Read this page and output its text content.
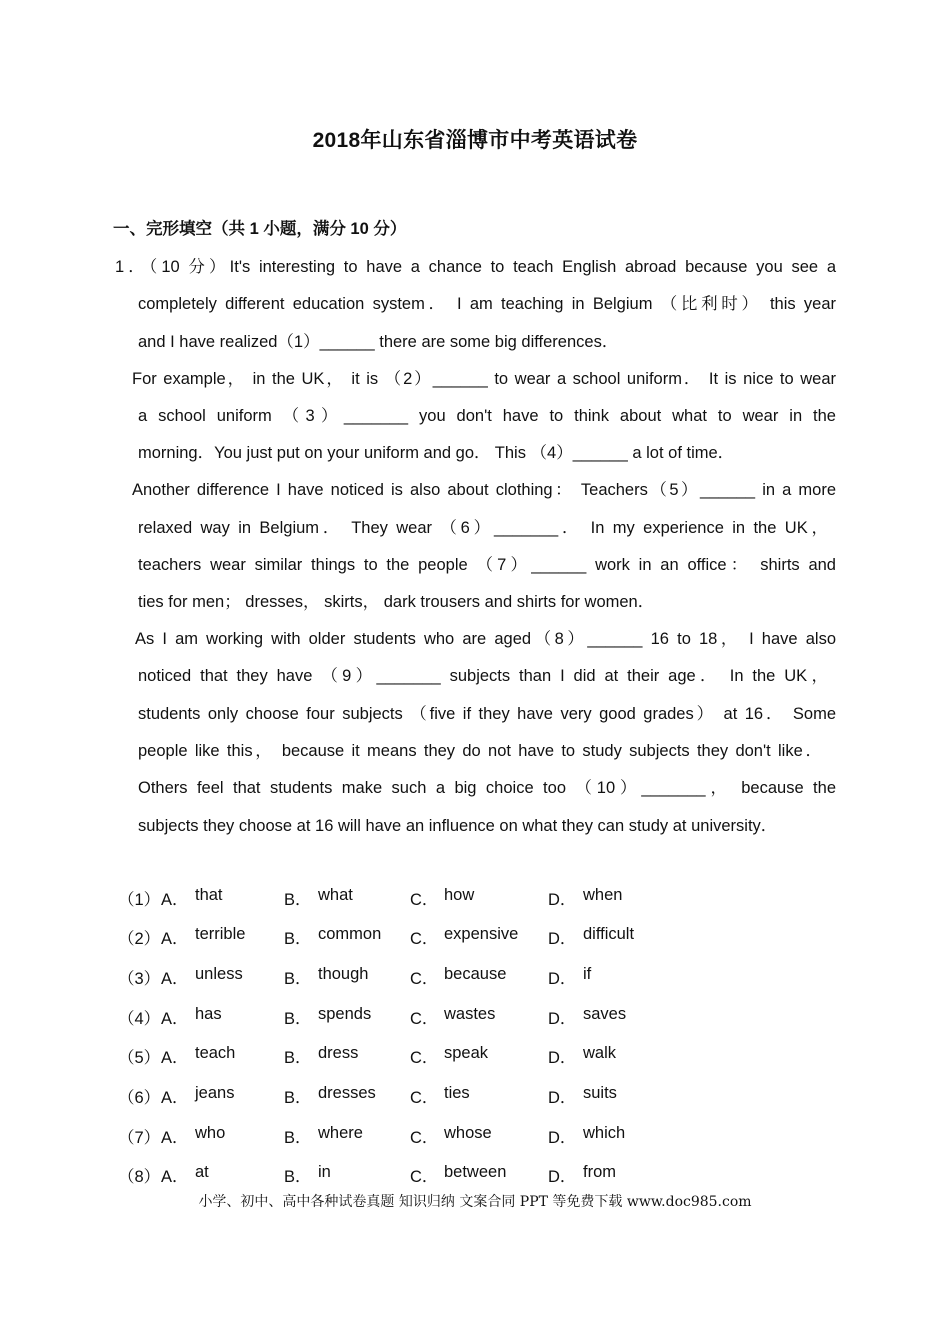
2018年山东省淄博市中考英语试卷
一、完形填空（共 1 小题，满分 10 分）
1．（10 分）It's interesting to have a chance to teach English abroad because you see a
completely different education system． I am teaching in Belgium （比利时） this year
and I have realized（1）______ there are some big differences．
For example， in the UK， it is （2）______ to wear a school uniform． It is nice to wear
a school uniform （3）_______ you don't have to think about what to wear in the
morning．You just put on your uniform and go． This （4）______ a lot of time．
Another difference I have noticed is also about clothing： Teachers（5）______ in a more
relaxed way in Belgium． They wear （6）_______． In my experience in the UK，
teachers wear similar things to the people （7）______ work in an office： shirts and
ties for men； dresses， skirts， dark trousers and shirts for women．
As I am working with older students who are aged（8）______ 16 to 18， I have also
noticed that they have （9）_______ subjects than I did at their age． In the UK，
students only choose four subjects （five if they have very good grades） at 16． Some
people like this， because it means they do not have to study subjects they don't like．
Others feel that students make such a big choice too （10）_______， because the
subjects they choose at 16 will have an influence on what they can study at university．
（1） A． that	B． what	C． how	D． when
（2） A． terrible B． common C． expensive D． difficult
（3） A． unless	B． though	C． because	D． if
（4） A． has	B． spends C． wastes	D． saves
（5） A． teach	B． dress	C． speak	D． walk
（6） A． jeans	B． dresses C． ties	D． suits
（7） A． who	B． where	C． whose	D． which
（8） A． at	B． in	C． between	D． from
小学、初中、高中各种试卷真题 知识归纳 文案合同 PPT 等免费下载 www.doc985.com
